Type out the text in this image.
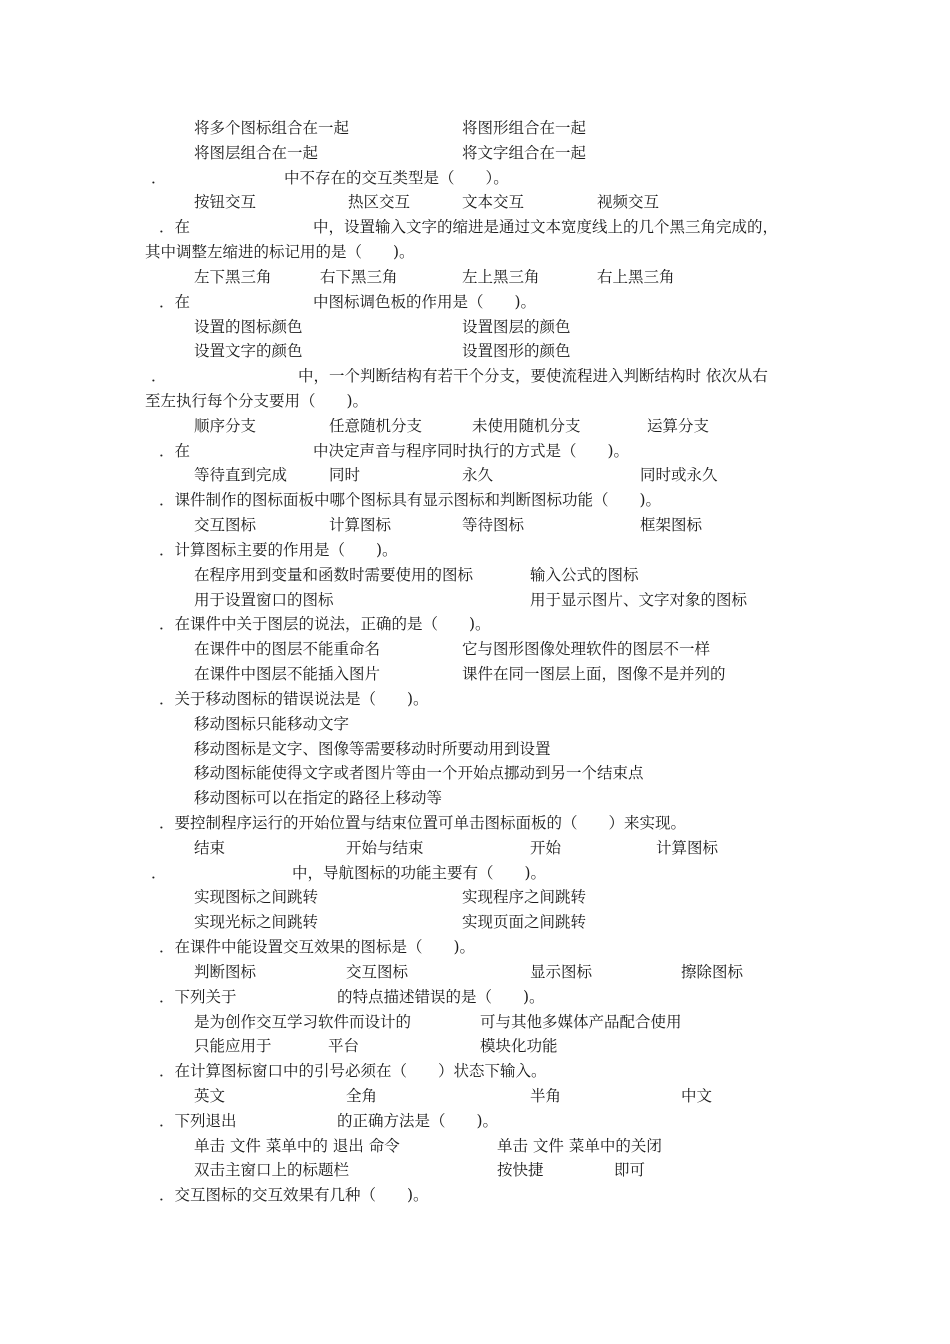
将多个图标组合在一起	将图形组合在一起
将图层组合在一起	将文字组合在一起
．	中不存在的交互类型是（　　）。
按钮交互	热区交互	文本交互	视频交互
．在	中，设置输入文字的缩进是通过文本宽度线上的几个黑三角完成的，
其中调整左缩进的标记用的是（　　)。
左下黑三角	右下黑三角	左上黑三角	右上黑三角
．在	中图标调色板的作用是（　　)。
设置的图标颜色	设置图层的颜色
设置文字的颜色	设置图形的颜色
．	中，一个判断结构有若干个分支，要使流程进入判断结构时 依次从右
至左执行每个分支要用（　　)。
顺序分支	任意随机分支	未使用随机分支	运算分支
．在	中决定声音与程序同时执行的方式是（　　)。
等待直到完成	同时	永久	同时或永久
．课件制作的图标面板中哪个图标具有显示图标和判断图标功能（　　)。
交互图标	计算图标	等待图标	框架图标
．计算图标主要的作用是（　　)。
在程序用到变量和函数时需要使用的图标	输入公式的图标
用于设置窗口的图标	用于显示图片、文字对象的图标
．在课件中关于图层的说法，正确的是（　　)。
在课件中的图层不能重命名	它与图形图像处理软件的图层不一样
在课件中图层不能插入图片	课件在同一图层上面，图像不是并列的
．关于移动图标的错误说法是（　　)。
移动图标只能移动文字
移动图标是文字、图像等需要移动时所要动用到设置
移动图标能使得文字或者图片等由一个开始点挪动到另一个结束点
移动图标可以在指定的路径上移动等
．要控制程序运行的开始位置与结束位置可单击图标面板的（　　）来实现。
结束	开始与结束	开始	计算图标
．	中，导航图标的功能主要有（　　)。
实现图标之间跳转	实现程序之间跳转
实现光标之间跳转	实现页面之间跳转
．在课件中能设置交互效果的图标是（　　)。
判断图标	交互图标	显示图标	擦除图标
．下列关于	的特点描述错误的是（　　)。
是为创作交互学习软件而设计的	可与其他多媒体产品配合使用
只能应用于	平台	模块化功能
．在计算图标窗口中的引号必须在（　　）状态下输入。
英文	全角	半角	中文
．下列退出	的正确方法是（　　)。
单击 文件 菜单中的 退出 命令	单击 文件 菜单中的关闭
双击主窗口上的标题栏	按快捷	即可
．交互图标的交互效果有几种（　　)。
